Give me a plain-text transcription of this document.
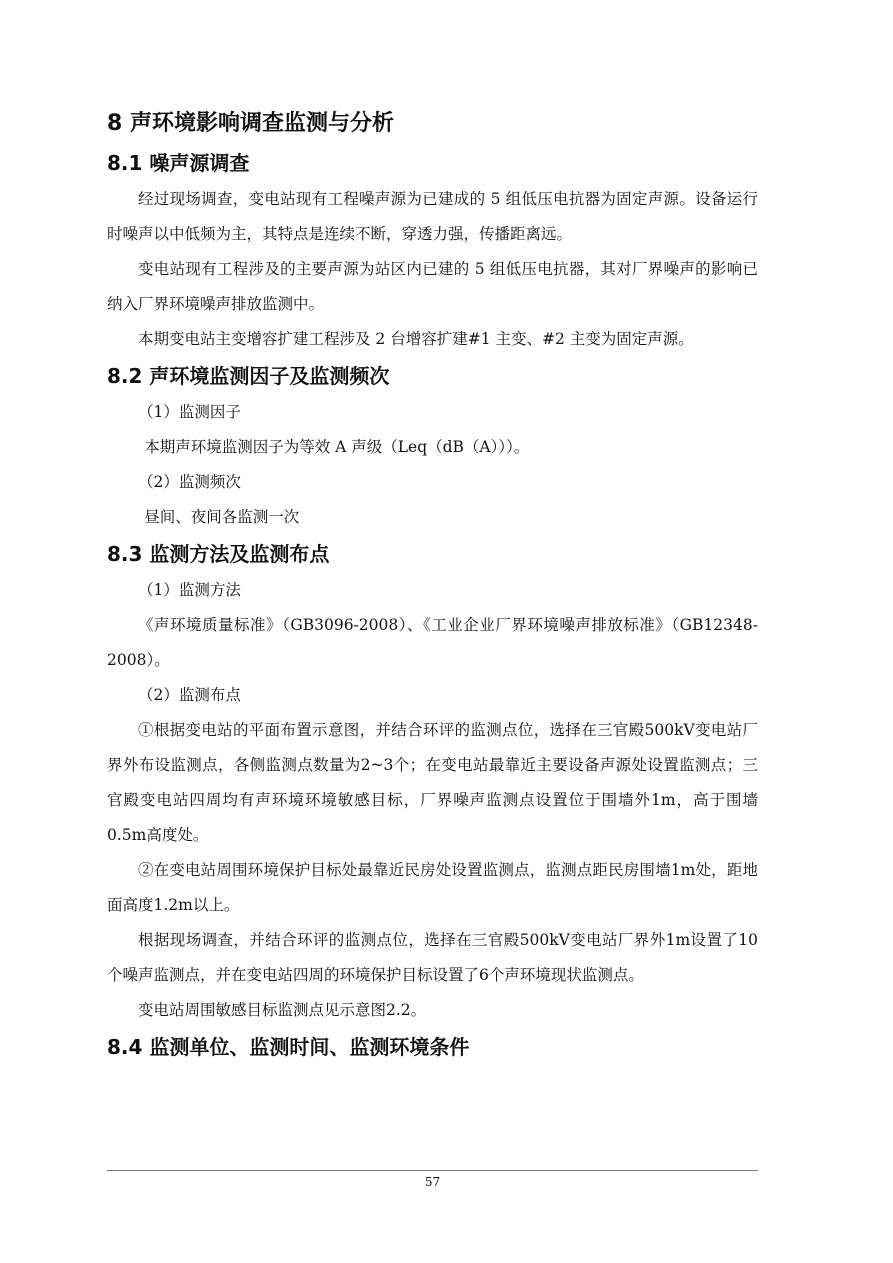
8 声环境影响调查监测与分析
8.1 噪声源调查

经过现场调查，变电站现有工程噪声源为已建成的 5 组低压电抗器为固定声源。设备运行时噪声以中低频为主，其特点是连续不断，穿透力强，传播距离远。

变电站现有工程涉及的主要声源为站区内已建的 5 组低压电抗器，其对厂界噪声的影响已纳入厂界环境噪声排放监测中。

本期变电站主变增容扩建工程涉及 2 台增容扩建#1 主变、#2 主变为固定声源。

8.2 声环境监测因子及监测频次

（1）监测因子

本期声环境监测因子为等效 A 声级（Leq（dB（A）））。

（2）监测频次

昼间、夜间各监测一次

8.3 监测方法及监测布点

（1）监测方法

《声环境质量标准》（GB3096-2008）、《工业企业厂界环境噪声排放标准》（GB12348-2008）。

（2）监测布点

①根据变电站的平面布置示意图，并结合环评的监测点位，选择在三官殿500kV变电站厂界外布设监测点，各侧监测点数量为2~3个；在变电站最靠近主要设备声源处设置监测点；三官殿变电站四周均有声环境环境敏感目标，厂界噪声监测点设置位于围墙外1m，高于围墙0.5m高度处。

②在变电站周围环境保护目标处最靠近民房处设置监测点，监测点距民房围墙1m处，距地面高度1.2m以上。

根据现场调查，并结合环评的监测点位，选择在三官殿500kV变电站厂界外1m设置了10个噪声监测点，并在变电站四周的环境保护目标设置了6个声环境现状监测点。

变电站周围敏感目标监测点见示意图2.2。

8.4 监测单位、监测时间、监测环境条件
57
